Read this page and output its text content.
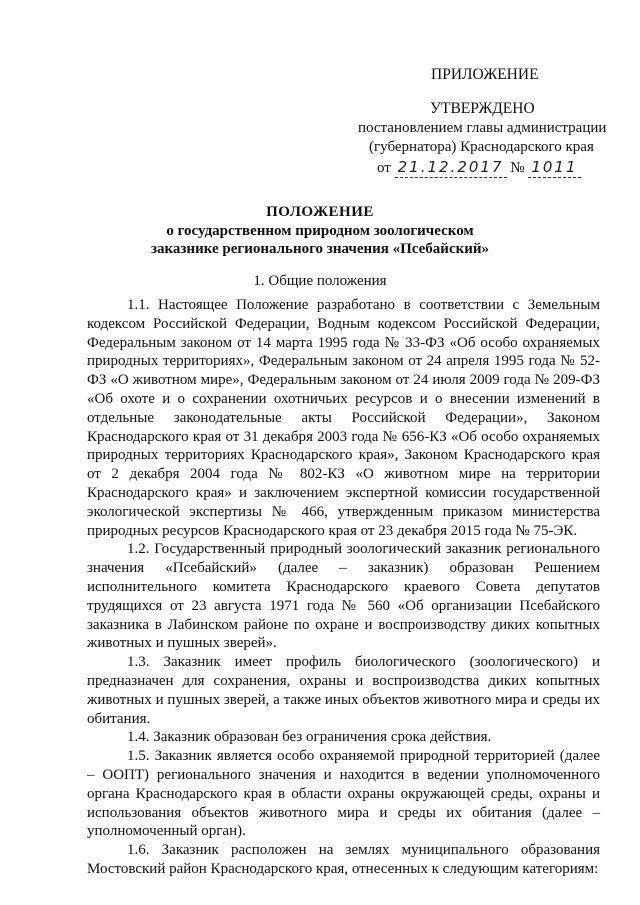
ПРИЛОЖЕНИЕ
УТВЕРЖДЕНО
постановлением главы администрации
(губернатора) Краснодарского края
от 21.12.2017 № 1011
ПОЛОЖЕНИЕ
о государственном природном зоологическом
заказнике регионального значения «Псебайский»
1. Общие положения

1.1. Настоящее Положение разработано в соответствии с Земельным кодексом Российской Федерации, Водным кодексом Российской Федерации, Федеральным законом от 14 марта 1995 года № 33-ФЗ «Об особо охраняемых природных территориях», Федеральным законом от 24 апреля 1995 года № 52-ФЗ «О животном мире», Федеральным законом от 24 июля 2009 года № 209-ФЗ «Об охоте и о сохранении охотничьих ресурсов и о внесении изменений в отдельные законодательные акты Российской Федерации», Законом Краснодарского края от 31 декабря 2003 года № 656-КЗ «Об особо охраняемых природных территориях Краснодарского края», Законом Краснодарского края от 2 декабря 2004 года № 802-КЗ «О животном мире на территории Краснодарского края» и заключением экспертной комиссии государственной экологической экспертизы № 466, утвержденным приказом министерства природных ресурсов Краснодарского края от 23 декабря 2015 года № 75-ЭК.

1.2. Государственный природный зоологический заказник регионального значения «Псебайский» (далее – заказник) образован Решением исполнительного комитета Краснодарского краевого Совета депутатов трудящихся от 23 августа 1971 года № 560 «Об организации Псебайского заказника в Лабинском районе по охране и воспроизводству диких копытных животных и пушных зверей».

1.3. Заказник имеет профиль биологического (зоологического) и предназначен для сохранения, охраны и воспроизводства диких копытных животных и пушных зверей, а также иных объектов животного мира и среды их обитания.

1.4. Заказник образован без ограничения срока действия.

1.5. Заказник является особо охраняемой природной территорией (далее – ООПТ) регионального значения и находится в ведении уполномоченного органа Краснодарского края в области охраны окружающей среды, охраны и использования объектов животного мира и среды их обитания (далее – уполномоченный орган).

1.6. Заказник расположен на землях муниципального образования Мостовский район Краснодарского края, отнесенных к следующим категориям:
